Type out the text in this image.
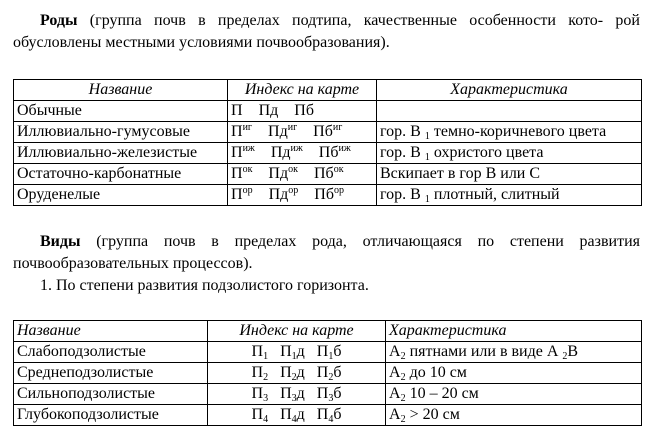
Роды (группа почв в пределах подтипа, качественные особенности кото- рой обусловлены местными условиями почвообразования).
Название	Индекс на карте	Характеристика
Обычные	П Пд Пб	
Иллювиально-гумусовые	$П^{иг}$ $Пд^{иг}$ $Пб^{иг}$	гор. В $_1$ темно-коричневого цвета
Иллювиально-железистые	$П^{иж}$ $Пд^{иж}$ $Пб^{иж}$	гор. В $_1$ охристого цвета
Остаточно-карбонатные	$П^{ок}$ $Пд^{ок}$ $Пб^{ок}$	Вскипает в гор В или С
Оруденелые	$П^{ор}$ $Пд^{ор}$ $Пб^{ор}$	гор. В $_1$ плотный, слитный
Виды (группа почв в пределах рода, отличающаяся по степени развития почвообразовательных процессов).
1. По степени развития подзолистого горизонта.
Название	Индекс на карте	Характеристика
Слабоподзолистые	$П_1$ $П_1д$ $П_1б$	$А_2$ пятнами или в виде А $_2$В
Среднеподзолистые	$П_2$ $П_2д$ $П_2б$	$А_2$ до 10 см
Сильноподзолистые	$П_3$ $П_3д$ $П_3б$	$А_2$ 10 – 20 см
Глубокоподзолистые	$П_4$ $П_4д$ $П_4б$	$А_2 > 20$ см
